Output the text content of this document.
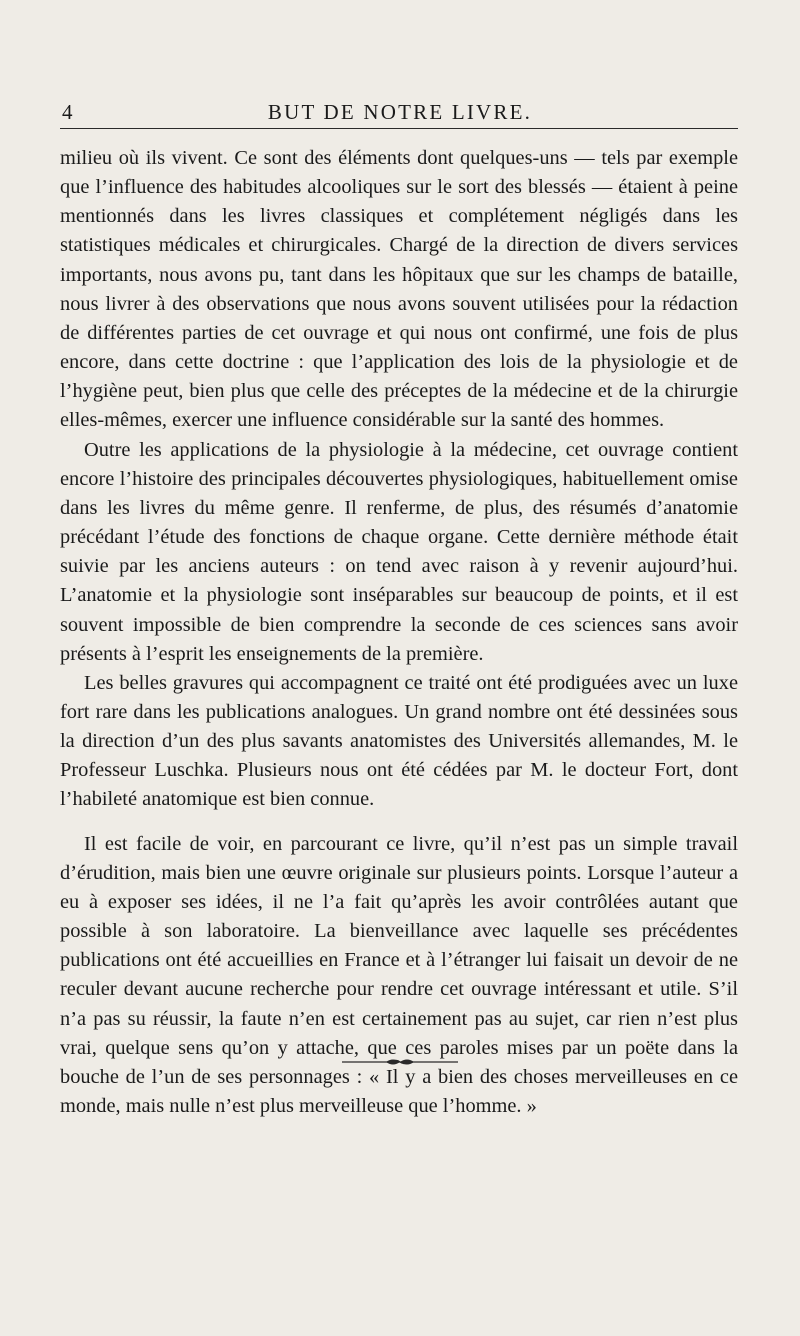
4	BUT DE NOTRE LIVRE.

milieu où ils vivent. Ce sont des éléments dont quelques-uns — tels par exemple que l’influence des habitudes alcooliques sur le sort des blessés — étaient à peine mentionnés dans les livres classiques et complétement négligés dans les statistiques médicales et chirurgicales. Chargé de la direction de divers services importants, nous avons pu, tant dans les hôpitaux que sur les champs de bataille, nous livrer à des observations que nous avons souvent utilisées pour la rédaction de différentes parties de cet ouvrage et qui nous ont confirmé, une fois de plus encore, dans cette doctrine : que l’application des lois de la physiologie et de l’hygiène peut, bien plus que celle des préceptes de la médecine et de la chirurgie elles-mêmes, exercer une influence considérable sur la santé des hommes.

Outre les applications de la physiologie à la médecine, cet ouvrage contient encore l’histoire des principales découvertes physiologiques, habituellement omise dans les livres du même genre. Il renferme, de plus, des résumés d’anatomie précédant l’étude des fonctions de chaque organe. Cette dernière méthode était suivie par les anciens auteurs : on tend avec raison à y revenir aujourd’hui. L’anatomie et la physiologie sont inséparables sur beaucoup de points, et il est souvent impossible de bien comprendre la seconde de ces sciences sans avoir présents à l’esprit les enseignements de la première.

Les belles gravures qui accompagnent ce traité ont été prodiguées avec un luxe fort rare dans les publications analogues. Un grand nombre ont été dessinées sous la direction d’un des plus savants anatomistes des Universités allemandes, M. le Professeur Luschka. Plusieurs nous ont été cédées par M. le docteur Fort, dont l’habileté anatomique est bien connue.

Il est facile de voir, en parcourant ce livre, qu’il n’est pas un simple travail d’érudition, mais bien une œuvre originale sur plusieurs points. Lorsque l’auteur a eu à exposer ses idées, il ne l’a fait qu’après les avoir contrôlées autant que possible à son laboratoire. La bienveillance avec laquelle ses précédentes publications ont été accueillies en France et à l’étranger lui faisait un devoir de ne reculer devant aucune recherche pour rendre cet ouvrage intéressant et utile. S’il n’a pas su réussir, la faute n’en est certainement pas au sujet, car rien n’est plus vrai, quelque sens qu’on y attache, que ces paroles mises par un poëte dans la bouche de l’un de ses personnages : « Il y a bien des choses merveilleuses en ce monde, mais nulle n’est plus merveilleuse que l’homme. »
